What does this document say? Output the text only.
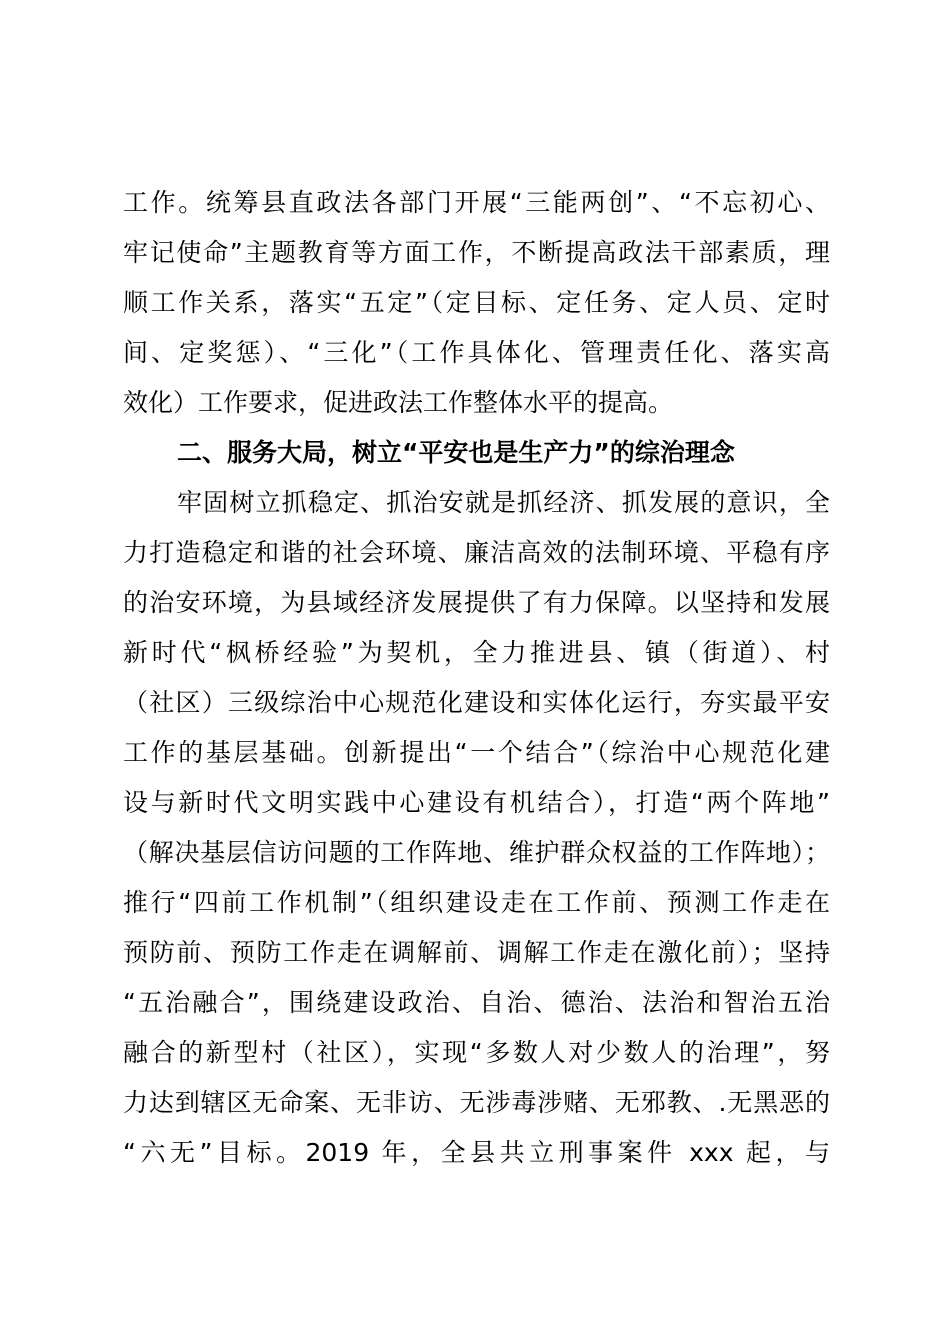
工作。统筹县直政法各部门开展“三能两创”、“不忘初心、
牢记使命”主题教育等方面工作，不断提高政法干部素质，理
顺工作关系，落实“五定”（定目标、定任务、定人员、定时
间、定奖惩）、“三化”（工作具体化、管理责任化、落实高
效化）工作要求，促进政法工作整体水平的提高。
二、服务大局，树立“平安也是生产力”的综治理念
牢固树立抓稳定、抓治安就是抓经济、抓发展的意识，全
力打造稳定和谐的社会环境、廉洁高效的法制环境、平稳有序
的治安环境，为县域经济发展提供了有力保障。以坚持和发展
新时代“枫桥经验”为契机，全力推进县、镇（街道）、村
（社区）三级综治中心规范化建设和实体化运行，夯实最平安
工作的基层基础。创新提出“一个结合”（综治中心规范化建
设与新时代文明实践中心建设有机结合），打造“两个阵地”
（解决基层信访问题的工作阵地、维护群众权益的工作阵地）；
推行“四前工作机制”（组织建设走在工作前、预测工作走在
预防前、预防工作走在调解前、调解工作走在激化前）；坚持
“五治融合”，围绕建设政治、自治、德治、法治和智治五治
融合的新型村（社区），实现“多数人对少数人的治理”，努
力达到辖区无命案、无非访、无涉毒涉赌、无邪教、.无黑恶的
“六无”目标。2019 年，全县共立刑事案件 xxx 起，与
